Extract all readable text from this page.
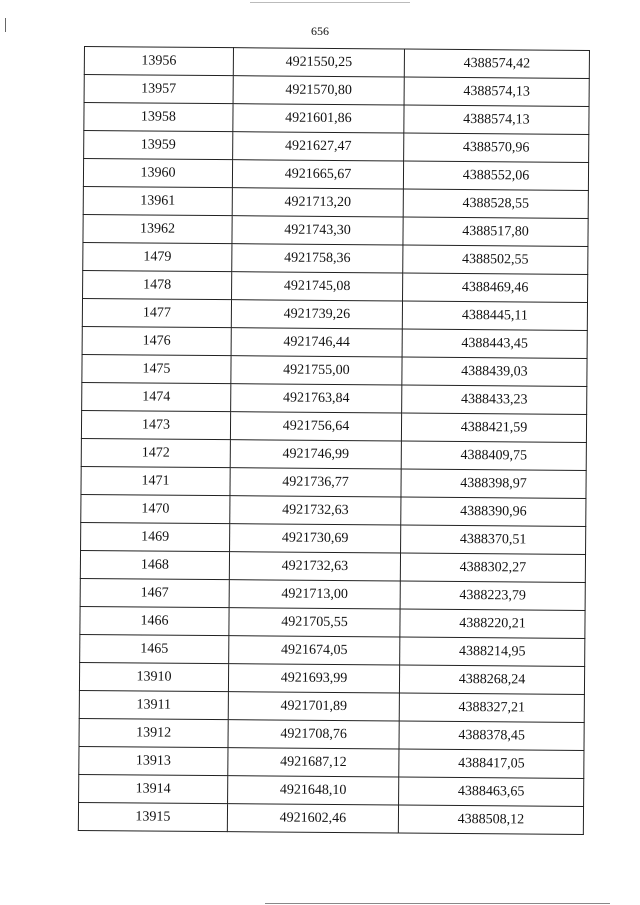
656
13956	4921550,25	4388574,42
13957	4921570,80	4388574,13
13958	4921601,86	4388574,13
13959	4921627,47	4388570,96
13960	4921665,67	4388552,06
13961	4921713,20	4388528,55
13962	4921743,30	4388517,80
1479	4921758,36	4388502,55
1478	4921745,08	4388469,46
1477	4921739,26	4388445,11
1476	4921746,44	4388443,45
1475	4921755,00	4388439,03
1474	4921763,84	4388433,23
1473	4921756,64	4388421,59
1472	4921746,99	4388409,75
1471	4921736,77	4388398,97
1470	4921732,63	4388390,96
1469	4921730,69	4388370,51
1468	4921732,63	4388302,27
1467	4921713,00	4388223,79
1466	4921705,55	4388220,21
1465	4921674,05	4388214,95
13910	4921693,99	4388268,24
13911	4921701,89	4388327,21
13912	4921708,76	4388378,45
13913	4921687,12	4388417,05
13914	4921648,10	4388463,65
13915	4921602,46	4388508,12
